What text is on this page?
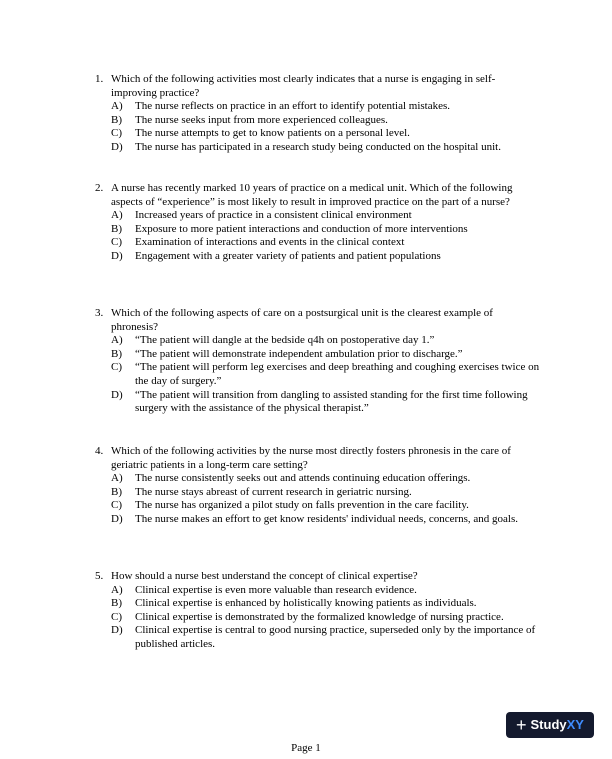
1. Which of the following activities most clearly indicates that a nurse is engaging in self-improving practice?
A)	The nurse reflects on practice in an effort to identify potential mistakes.
B)	The nurse seeks input from more experienced colleagues.
C)	The nurse attempts to get to know patients on a personal level.
D)	The nurse has participated in a research study being conducted on the hospital unit.
2. A nurse has recently marked 10 years of practice on a medical unit. Which of the following aspects of “experience” is most likely to result in improved practice on the part of a nurse?
A)	Increased years of practice in a consistent clinical environment
B)	Exposure to more patient interactions and conduction of more interventions
C)	Examination of interactions and events in the clinical context
D)	Engagement with a greater variety of patients and patient populations
3. Which of the following aspects of care on a postsurgical unit is the clearest example of phronesis?
A)	“The patient will dangle at the bedside q4h on postoperative day 1.”
B)	“The patient will demonstrate independent ambulation prior to discharge.”
C)	“The patient will perform leg exercises and deep breathing and coughing exercises twice on the day of surgery.”
D)	“The patient will transition from dangling to assisted standing for the first time following surgery with the assistance of the physical therapist.”
4. Which of the following activities by the nurse most directly fosters phronesis in the care of geriatric patients in a long-term care setting?
A)	The nurse consistently seeks out and attends continuing education offerings.
B)	The nurse stays abreast of current research in geriatric nursing.
C)	The nurse has organized a pilot study on falls prevention in the care facility.
D)	The nurse makes an effort to get know residents' individual needs, concerns, and goals.
5. How should a nurse best understand the concept of clinical expertise?
A)	Clinical expertise is even more valuable than research evidence.
B)	Clinical expertise is enhanced by holistically knowing patients as individuals.
C)	Clinical expertise is demonstrated by the formalized knowledge of nursing practice.
D)	Clinical expertise is central to good nursing practice, superseded only by the importance of published articles.
+ Study XY
Page 1
